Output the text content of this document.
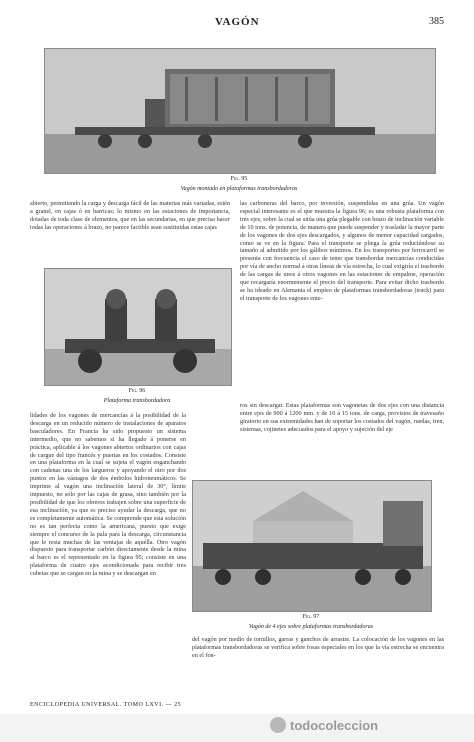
VAGÓN	385
Fig. 95
Vagón montado en plataformas transbordadoras

abierto, permitiendo la carga y descarga fácil de las materias más variadas, estén a granel, en cajas ó en barricas; lo mismo en las estaciones de importancia, dotadas de toda clase de elementos, que en las secundarias, en que precisa hacer todas las operaciones á brazo, no parece factible sean sustituidas estas cajas

las carboneras del barco, por inversión, suspendidas en una grúa. Un vagón especial interesante es el que muestra la figura 96; es una robusta plataforma con tres ejes, sobre la cual se sitúa una grúa plegable con brazo de inclinación variable de 10 tons. de potencia, de manera que puede suspender y trasladar la mayor parte de los vagones de dos ejes descargados, y algunos de menor capacidad cargados, como se ve en la figura. Para el transporte se pliega la grúa reduciéndose su tamaño al admitido por los gálibos mínimos. En los transportes por ferrocarril se presenta con frecuencia el caso de tener que transbordar mercancías conducidas por vía de ancho normal á otras líneas de vía estrecha, lo cual exigiría el trasbordo de las cargas de unos á otros vagones en las estaciones de empalme, operación que recargaría enormemente el precio del transporte. Para evitar dicho trasbordo se ha ideado en Alemania el empleo de plataformas transbordadoras (truck) para el transporte de los vagones ente-

Fig. 96
Plataforma transbordadora

ros sin descargar. Estas plataformas son vagonetas de dos ejes con una distancia entre ejes de 900 á 1200 mm. y de 10 á 15 tons. de carga, provistos de travesaño giratorio en sus extremidades han de soportar los costados del vagón, ruedas, tren, sistemas, cojinetes adecuados para el apoyo y sujeción del eje

lidades de los vagones de mercancías á la posibilidad de la descarga en un reducido número de instalaciones de aparatos basculadores. En Francia ha sido propuesto un sistema intermedio, que no sabemos si ha llegado á ponerse en práctica, aplicable á los vagones abiertos ordinarios con cajas de cargue del tipo francés y puertas en los costados. Consiste en una plataforma en la cual se sujeta el vagón enganchando con cadenas una de los largueros y apoyando el otro por dos puntos en las vástagos de dos émbolos hidroneumáticos. Se imprime al vagón una inclinación lateral de 30°, límite impuesto, no sólo por las cajas de grasa, sino también por la posibilidad de que los obreros trabajen sobre una superficie de esa inclinación, ya que es preciso ayudar la descarga, que no es completamente automática. Se comprende que esta solución no es tan perfecta como la americana, puesto que exige siempre el concurso de la pala para la descarga, circunstancia que le resta muchas de las ventajas de aquélla. Otro vagón dispuesto para transportar carbón directamente desde la mina al barco es el representado en la figura 95; consiste en una plataforma de cuatro ejes acondicionada para recibir tres cubetas que se cargan en la mina y se descargan en

Fig. 97
Vagón de 4 ejes sobre plataformas transbordadoras

del vagón por medio de tornillos, garras y ganchos de arrastre. La colocación de los vagones en las plataformas transbordadoras se verifica sobre fosas especiales en los que la vía estrecha se encuentra en el fon-

ENCICLOPEDIA UNIVERSAL. TOMO LXVI. — 25
todocoleccion
